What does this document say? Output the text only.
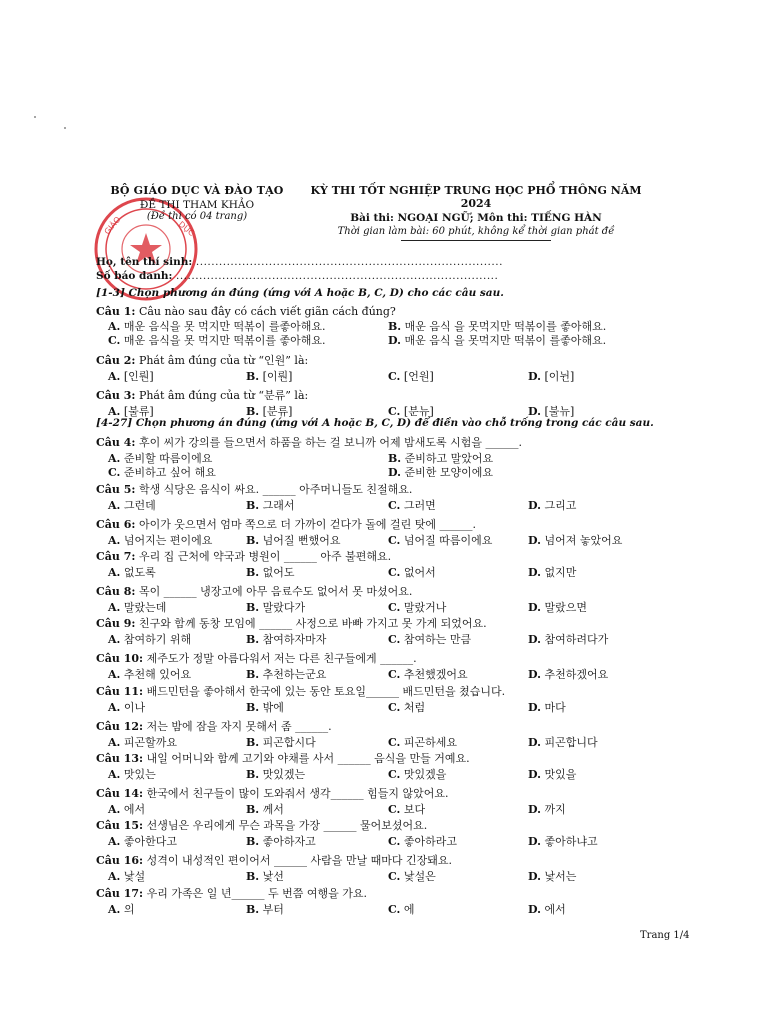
GIÁO	DỤC
BỘ GIÁO DỤC VÀ ĐÀO TẠO
ĐỀ THI THAM KHẢO
(Đề thi có 04 trang)
KỲ THI TỐT NGHIỆP TRUNG HỌC PHỔ THÔNG NĂM 2024
Bài thi: NGOẠI NGỮ; Môn thi: TIẾNG HÀN
Thời gian làm bài: 60 phút, không kể thời gian phát đề
Họ, tên thí sinh: ................................................................................
Số báo danh: ....................................................................................
[1-3] Chọn phương án đúng (ứng với A hoặc B, C, D) cho các câu sau.
[4-27] Chọn phương án đúng (ứng với A hoặc B, C, D) để điền vào chỗ trống trong các câu sau.
Câu 1: Câu nào sau đây có cách viết giãn cách đúng?
A. 매운 음식을 못 먹지만 떡볶이 를좋아해요.	B. 매운 음식 을 못먹지만 떡볶이를 좋아해요.
C. 매운 음식을 못 먹지만 떡볶이를 좋아해요.	D. 매운 음식 을 못먹지만 떡볶이 를좋아해요.
Câu 2: Phát âm đúng của từ “인원” là:
A. [인뤈]	B. [이뤈]	C. [언원]	D. [이뉜]
Câu 3: Phát âm đúng của từ “분류” là:
A. [불류]	B. [분류]	C. [분뉴]	D. [불뉴]
Câu 4: 후이 씨가 강의를 들으면서 하품을 하는 걸 보니까 어제 밤새도록 시험을 ______.
A. 준비할 따름이에요	B. 준비하고 말았어요
C. 준비하고 싶어 해요	D. 준비한 모양이에요
Câu 5: 학생 식당은 음식이 싸요. ______ 아주머니들도 친절해요.
A. 그런데	B. 그래서	C. 그러면	D. 그리고
Câu 6: 아이가 웃으면서 엄마 쪽으로 더 가까이 걷다가 돌에 걸린 탓에 ______.
A. 넘어지는 편이에요	B. 넘어질 뻔했어요	C. 넘어질 따름이에요	D. 넘어져 놓았어요
Câu 7: 우리 집 근처에 약국과 병원이 ______ 아주 불편해요.
A. 없도록	B. 없어도	C. 없어서	D. 없지만
Câu 8: 목이 ______ 냉장고에 아무 음료수도 없어서 못 마셨어요.
A. 말랐는데	B. 말랐다가	C. 말랐거나	D. 말랐으면
Câu 9: 친구와 함께 동창 모임에 ______ 사정으로 바빠 가지고 못 가게 되었어요.
A. 참여하기 위해	B. 참여하자마자	C. 참여하는 만큼	D. 참여하려다가
Câu 10: 제주도가 정말 아름다워서 저는 다른 친구들에게 ______.
A. 추천해 있어요	B. 추천하는군요	C. 추천했겠어요	D. 추천하겠어요
Câu 11: 배드민턴을 좋아해서 한국에 있는 동안 토요일______ 배드민턴을 쳤습니다.
A. 이나	B. 밖에	C. 처럼	D. 마다
Câu 12: 저는 밤에 잠을 자지 못해서 좀 ______.
A. 피곤할까요	B. 피곤합시다	C. 피곤하세요	D. 피곤합니다
Câu 13: 내일 어머니와 함께 고기와 야채를 사서 ______ 음식을 만들 거예요.
A. 맛있는	B. 맛있겠는	C. 맛있겠을	D. 맛있을
Câu 14: 한국에서 친구들이 많이 도와줘서 생각______ 힘들지 않았어요.
A. 에서	B. 께서	C. 보다	D. 까지
Câu 15: 선생님은 우리에게 무슨 과목을 가장 ______ 물어보셨어요.
A. 좋아한다고	B. 좋아하자고	C. 좋아하라고	D. 좋아하냐고
Câu 16: 성격이 내성적인 편이어서 ______ 사람을 만날 때마다 긴장돼요.
A. 낯설	B. 낯선	C. 낯설은	D. 낯서는
Câu 17: 우리 가족은 일 년______ 두 번쯤 여행을 가요.
A. 의	B. 부터	C. 에	D. 에서
Trang 1/4
